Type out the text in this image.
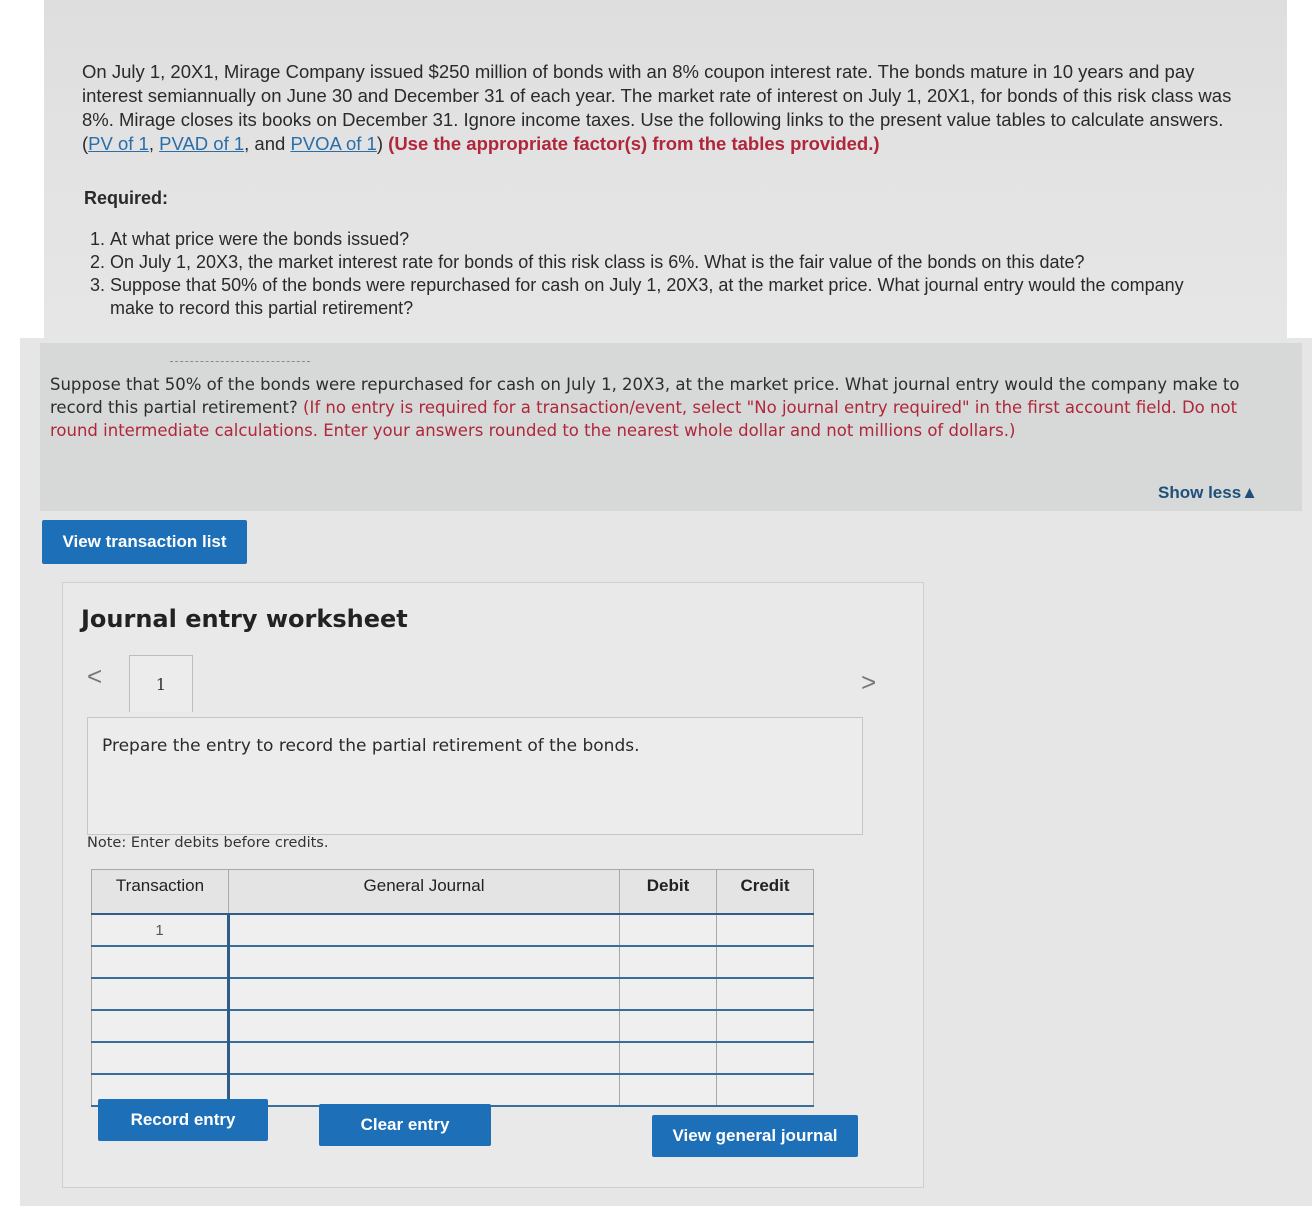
On July 1, 20X1, Mirage Company issued $250 million of bonds with an 8% coupon interest rate. The bonds mature in 10 years and pay interest semiannually on June 30 and December 31 of each year. The market rate of interest on July 1, 20X1, for bonds of this risk class was 8%. Mirage closes its books on December 31. Ignore income taxes. Use the following links to the present value tables to calculate answers. (PV of 1, PVAD of 1, and PVOA of 1) (Use the appropriate factor(s) from the tables provided.)
Required:
1. At what price were the bonds issued?
2. On July 1, 20X3, the market interest rate for bonds of this risk class is 6%. What is the fair value of the bonds on this date?
3. Suppose that 50% of the bonds were repurchased for cash on July 1, 20X3, at the market price. What journal entry would the company make to record this partial retirement?
Suppose that 50% of the bonds were repurchased for cash on July 1, 20X3, at the market price. What journal entry would the company make to record this partial retirement? (If no entry is required for a transaction/event, select "No journal entry required" in the first account field. Do not round intermediate calculations. Enter your answers rounded to the nearest whole dollar and not millions of dollars.)
Show less▲
View transaction list
Journal entry worksheet
<	1	>
Prepare the entry to record the partial retirement of the bonds.
Note: Enter debits before credits.
Transaction	General Journal	Debit	Credit
1			

Record entry	Clear entry
View general journal
